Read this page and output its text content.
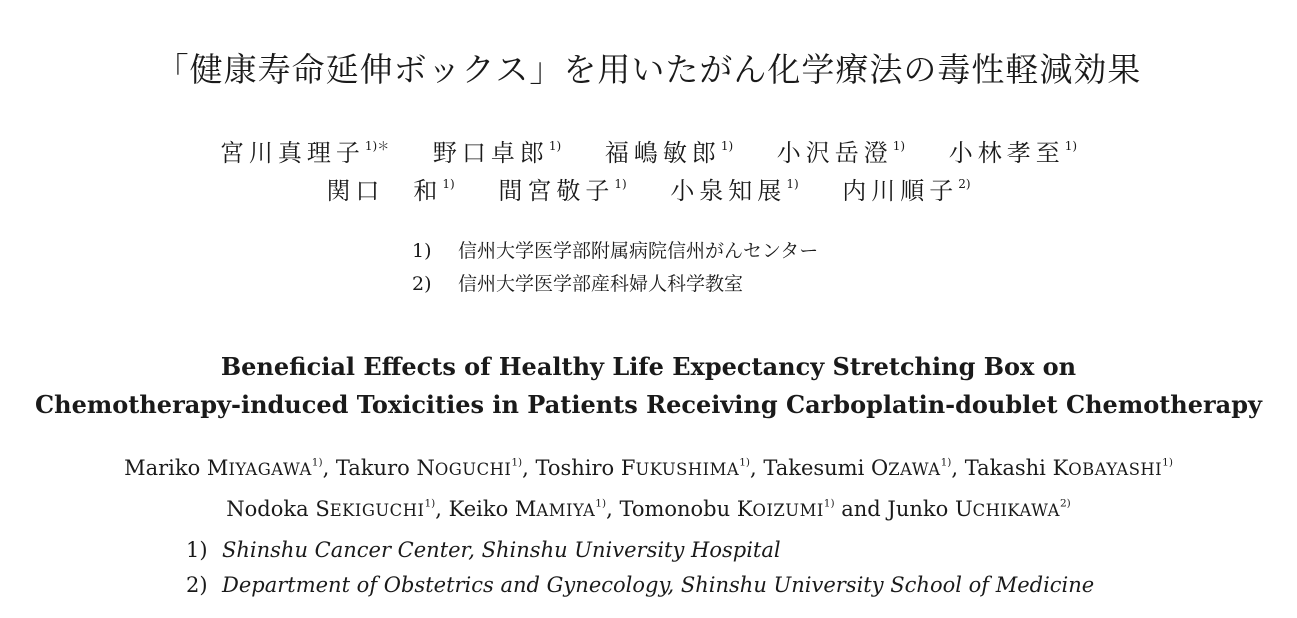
「健康寿命延伸ボックス」を用いたがん化学療法の毒性軽減効果
宮川真理子$^{1)*}$ 野口卓郎$^{1)}$ 福嶋敏郎$^{1)}$ 小沢岳澄$^{1)}$ 小林孝至$^{1)}$
関口　和$^{1)}$ 間宮敬子$^{1)}$ 小泉知展$^{1)}$ 内川順子$^{2)}$
1) 信州大学医学部附属病院信州がんセンター
2) 信州大学医学部産科婦人科学教室
Beneficial Effects of Healthy Life Expectancy Stretching Box on
Chemotherapy-induced Toxicities in Patients Receiving Carboplatin-doublet Chemotherapy
Mariko MIYAGAWA$^{1)}$, Takuro NOGUCHI$^{1)}$, Toshiro FUKUSHIMA$^{1)}$, Takesumi OZAWA$^{1)}$, Takashi KOBAYASHI$^{1)}$
Nodoka SEKIGUCHI$^{1)}$, Keiko MAMIYA$^{1)}$, Tomonobu KOIZUMI$^{1)}$ and Junko UCHIKAWA$^{2)}$
1) Shinshu Cancer Center, Shinshu University Hospital
2) Department of Obstetrics and Gynecology, Shinshu University School of Medicine
